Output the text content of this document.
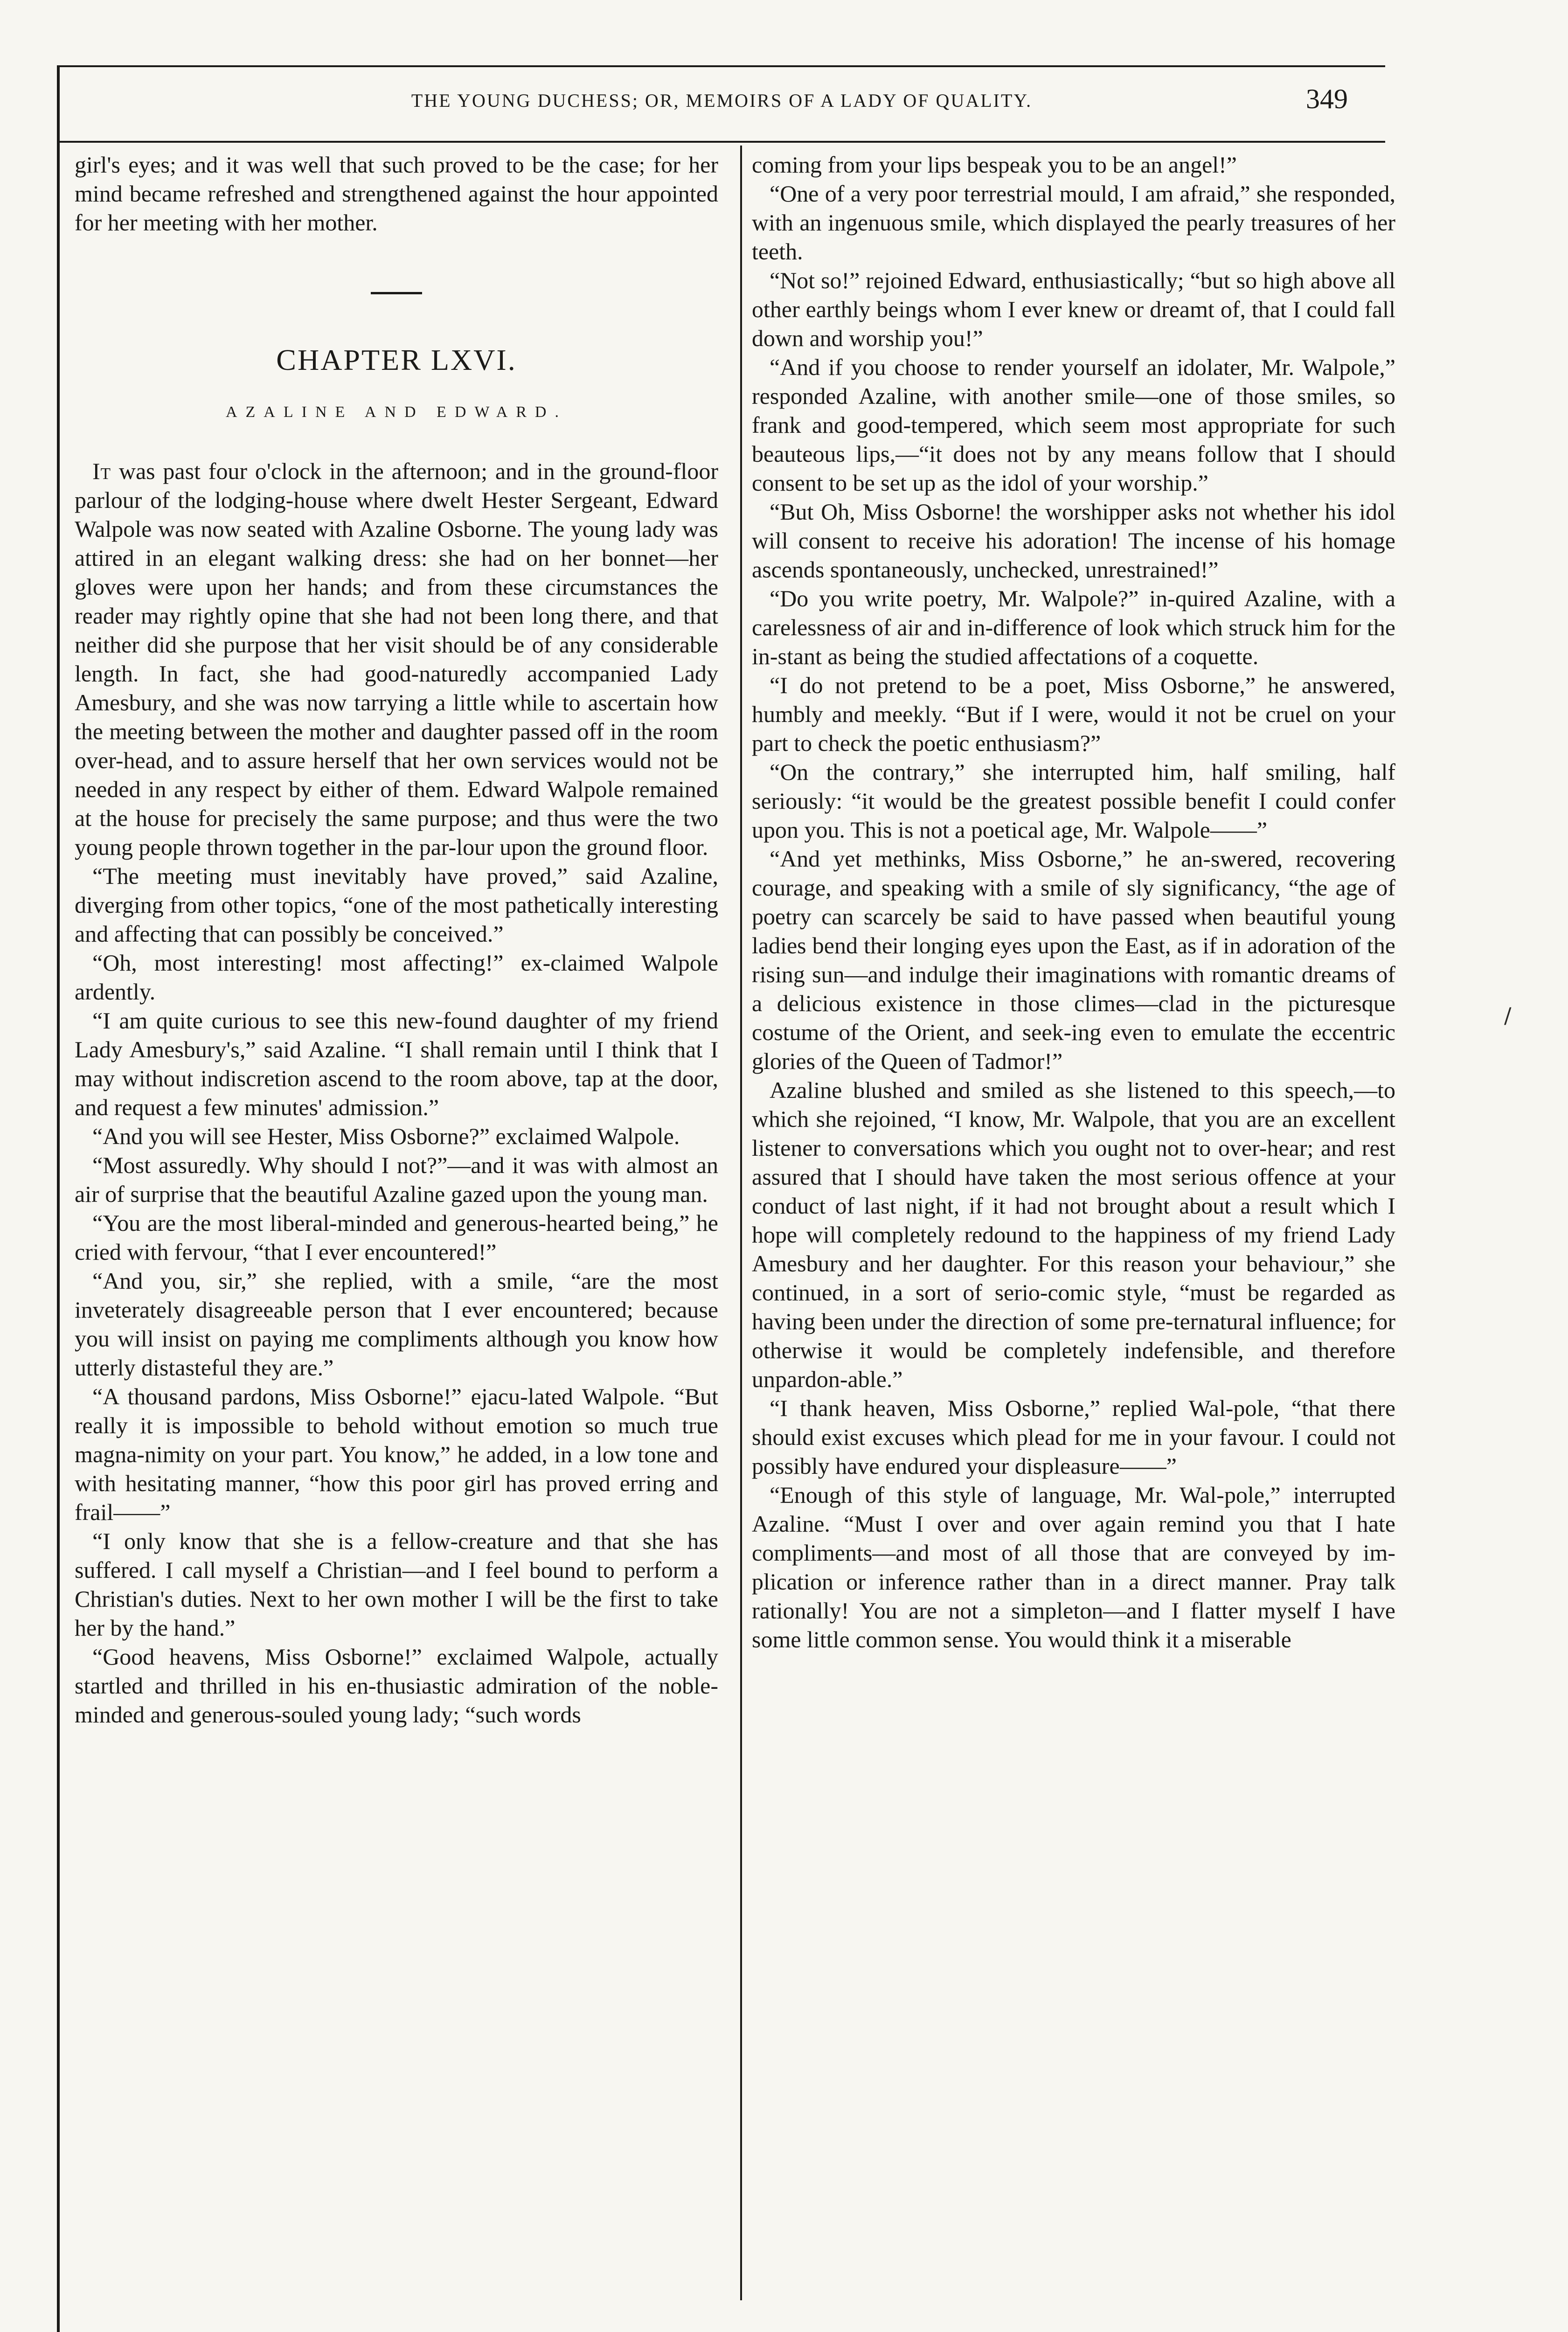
THE YOUNG DUCHESS; OR, MEMOIRS OF A LADY OF QUALITY.	349

girl's eyes; and it was well that such proved to be the case; for her mind became refreshed and strengthened against the hour appointed for her meeting with her mother.

CHAPTER LXVI.
AZALINE AND EDWARD.

It was past four o'clock in the afternoon; and in the ground-floor parlour of the lodging-house where dwelt Hester Sergeant, Edward Walpole was now seated with Azaline Osborne. The young lady was attired in an elegant walking dress: she had on her bonnet—her gloves were upon her hands; and from these circumstances the reader may rightly opine that she had not been long there, and that neither did she purpose that her visit should be of any considerable length. In fact, she had good-naturedly accompanied Lady Amesbury, and she was now tarrying a little while to ascertain how the meeting between the mother and daughter passed off in the room over-head, and to assure herself that her own services would not be needed in any respect by either of them. Edward Walpole remained at the house for precisely the same purpose; and thus were the two young people thrown together in the par-lour upon the ground floor.

“The meeting must inevitably have proved,” said Azaline, diverging from other topics, “one of the most pathetically interesting and affecting that can possibly be conceived.”

“Oh, most interesting! most affecting!” ex-claimed Walpole ardently.

“I am quite curious to see this new-found daughter of my friend Lady Amesbury's,” said Azaline. “I shall remain until I think that I may without indiscretion ascend to the room above, tap at the door, and request a few minutes' admission.”

“And you will see Hester, Miss Osborne?” exclaimed Walpole.

“Most assuredly. Why should I not?”—and it was with almost an air of surprise that the beautiful Azaline gazed upon the young man.

“You are the most liberal-minded and generous-hearted being,” he cried with fervour, “that I ever encountered!”

“And you, sir,” she replied, with a smile, “are the most inveterately disagreeable person that I ever encountered; because you will insist on paying me compliments although you know how utterly distasteful they are.”

“A thousand pardons, Miss Osborne!” ejacu-lated Walpole. “But really it is impossible to behold without emotion so much true magna-nimity on your part. You know,” he added, in a low tone and with hesitating manner, “how this poor girl has proved erring and frail——”

“I only know that she is a fellow-creature and that she has suffered. I call myself a Christian—and I feel bound to perform a Christian's duties. Next to her own mother I will be the first to take her by the hand.”

“Good heavens, Miss Osborne!” exclaimed Walpole, actually startled and thrilled in his en-thusiastic admiration of the noble-minded and generous-souled young lady; “such words

coming from your lips bespeak you to be an angel!”

“One of a very poor terrestrial mould, I am afraid,” she responded, with an ingenuous smile, which displayed the pearly treasures of her teeth.

“Not so!” rejoined Edward, enthusiastically; “but so high above all other earthly beings whom I ever knew or dreamt of, that I could fall down and worship you!”

“And if you choose to render yourself an idolater, Mr. Walpole,” responded Azaline, with another smile—one of those smiles, so frank and good-tempered, which seem most appropriate for such beauteous lips,—“it does not by any means follow that I should consent to be set up as the idol of your worship.”

“But Oh, Miss Osborne! the worshipper asks not whether his idol will consent to receive his adoration! The incense of his homage ascends spontaneously, unchecked, unrestrained!”

“Do you write poetry, Mr. Walpole?” in-quired Azaline, with a carelessness of air and in-difference of look which struck him for the in-stant as being the studied affectations of a coquette.

“I do not pretend to be a poet, Miss Osborne,” he answered, humbly and meekly. “But if I were, would it not be cruel on your part to check the poetic enthusiasm?”

“On the contrary,” she interrupted him, half smiling, half seriously: “it would be the greatest possible benefit I could confer upon you. This is not a poetical age, Mr. Walpole——”

“And yet methinks, Miss Osborne,” he an-swered, recovering courage, and speaking with a smile of sly significancy, “the age of poetry can scarcely be said to have passed when beautiful young ladies bend their longing eyes upon the East, as if in adoration of the rising sun—and indulge their imaginations with romantic dreams of a delicious existence in those climes—clad in the picturesque costume of the Orient, and seek-ing even to emulate the eccentric glories of the Queen of Tadmor!”

Azaline blushed and smiled as she listened to this speech,—to which she rejoined, “I know, Mr. Walpole, that you are an excellent listener to conversations which you ought not to over-hear; and rest assured that I should have taken the most serious offence at your conduct of last night, if it had not brought about a result which I hope will completely redound to the happiness of my friend Lady Amesbury and her daughter. For this reason your behaviour,” she continued, in a sort of serio-comic style, “must be regarded as having been under the direction of some pre-ternatural influence; for otherwise it would be completely indefensible, and therefore unpardon-able.”

“I thank heaven, Miss Osborne,” replied Wal-pole, “that there should exist excuses which plead for me in your favour. I could not possibly have endured your displeasure——”

“Enough of this style of language, Mr. Wal-pole,” interrupted Azaline. “Must I over and over again remind you that I hate compliments—and most of all those that are conveyed by im-plication or inference rather than in a direct manner. Pray talk rationally! You are not a simpleton—and I flatter myself I have some little common sense. You would think it a miserable

/
